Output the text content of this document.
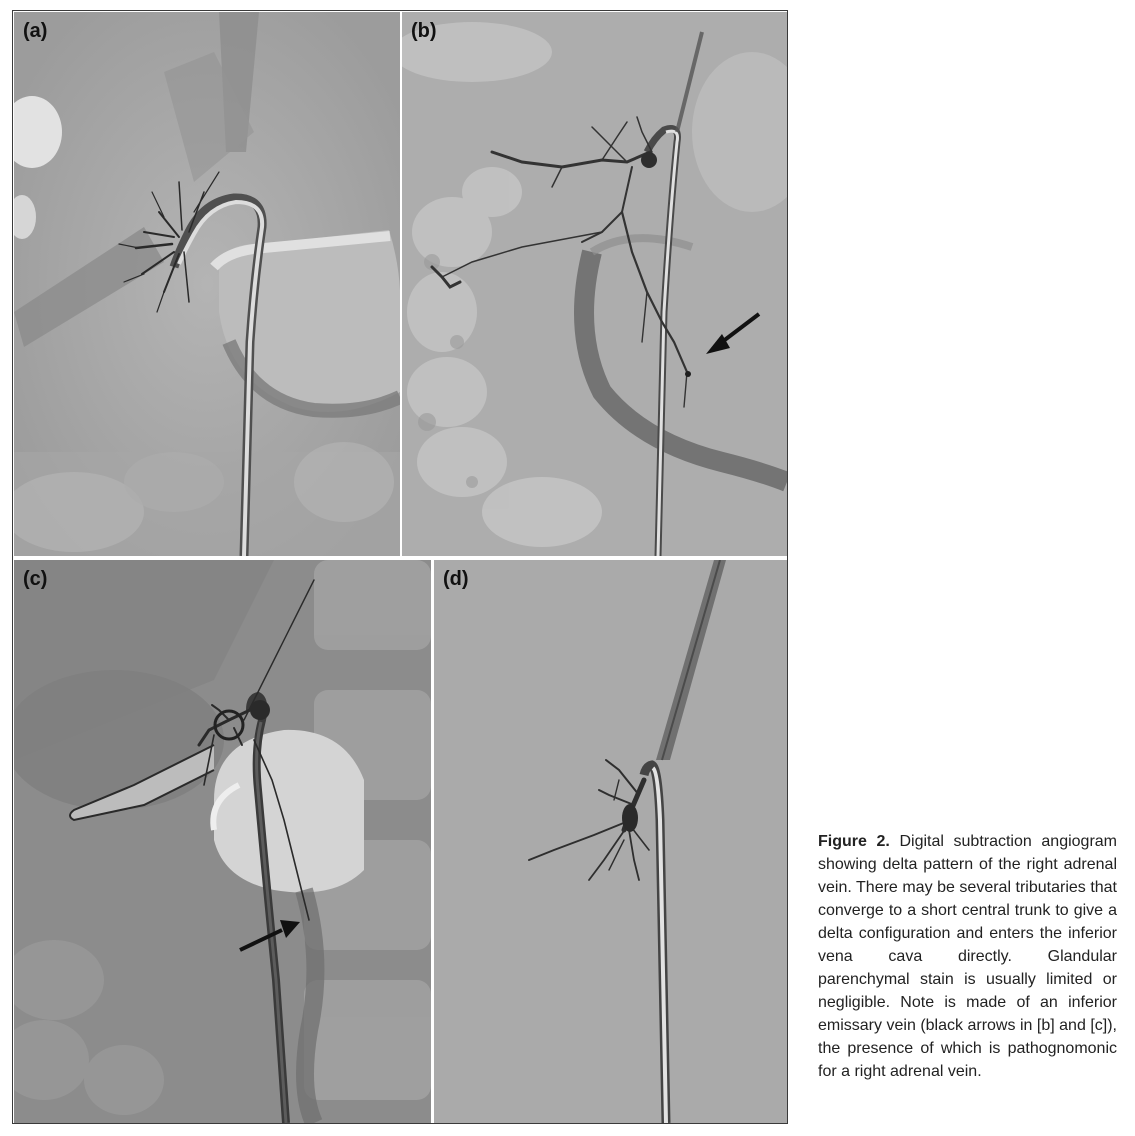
(a)	(b)
(c)	(d)

Figure 2. Digital subtraction angiogram showing delta pattern of the right adrenal vein. There may be several tributaries that converge to a short central trunk to give a delta configuration and enters the inferior vena cava directly. Glandular parenchymal stain is usually limited or negligible. Note is made of an inferior emissary vein (black arrows in [b] and [c]), the presence of which is pathognomonic for a right adrenal vein.
